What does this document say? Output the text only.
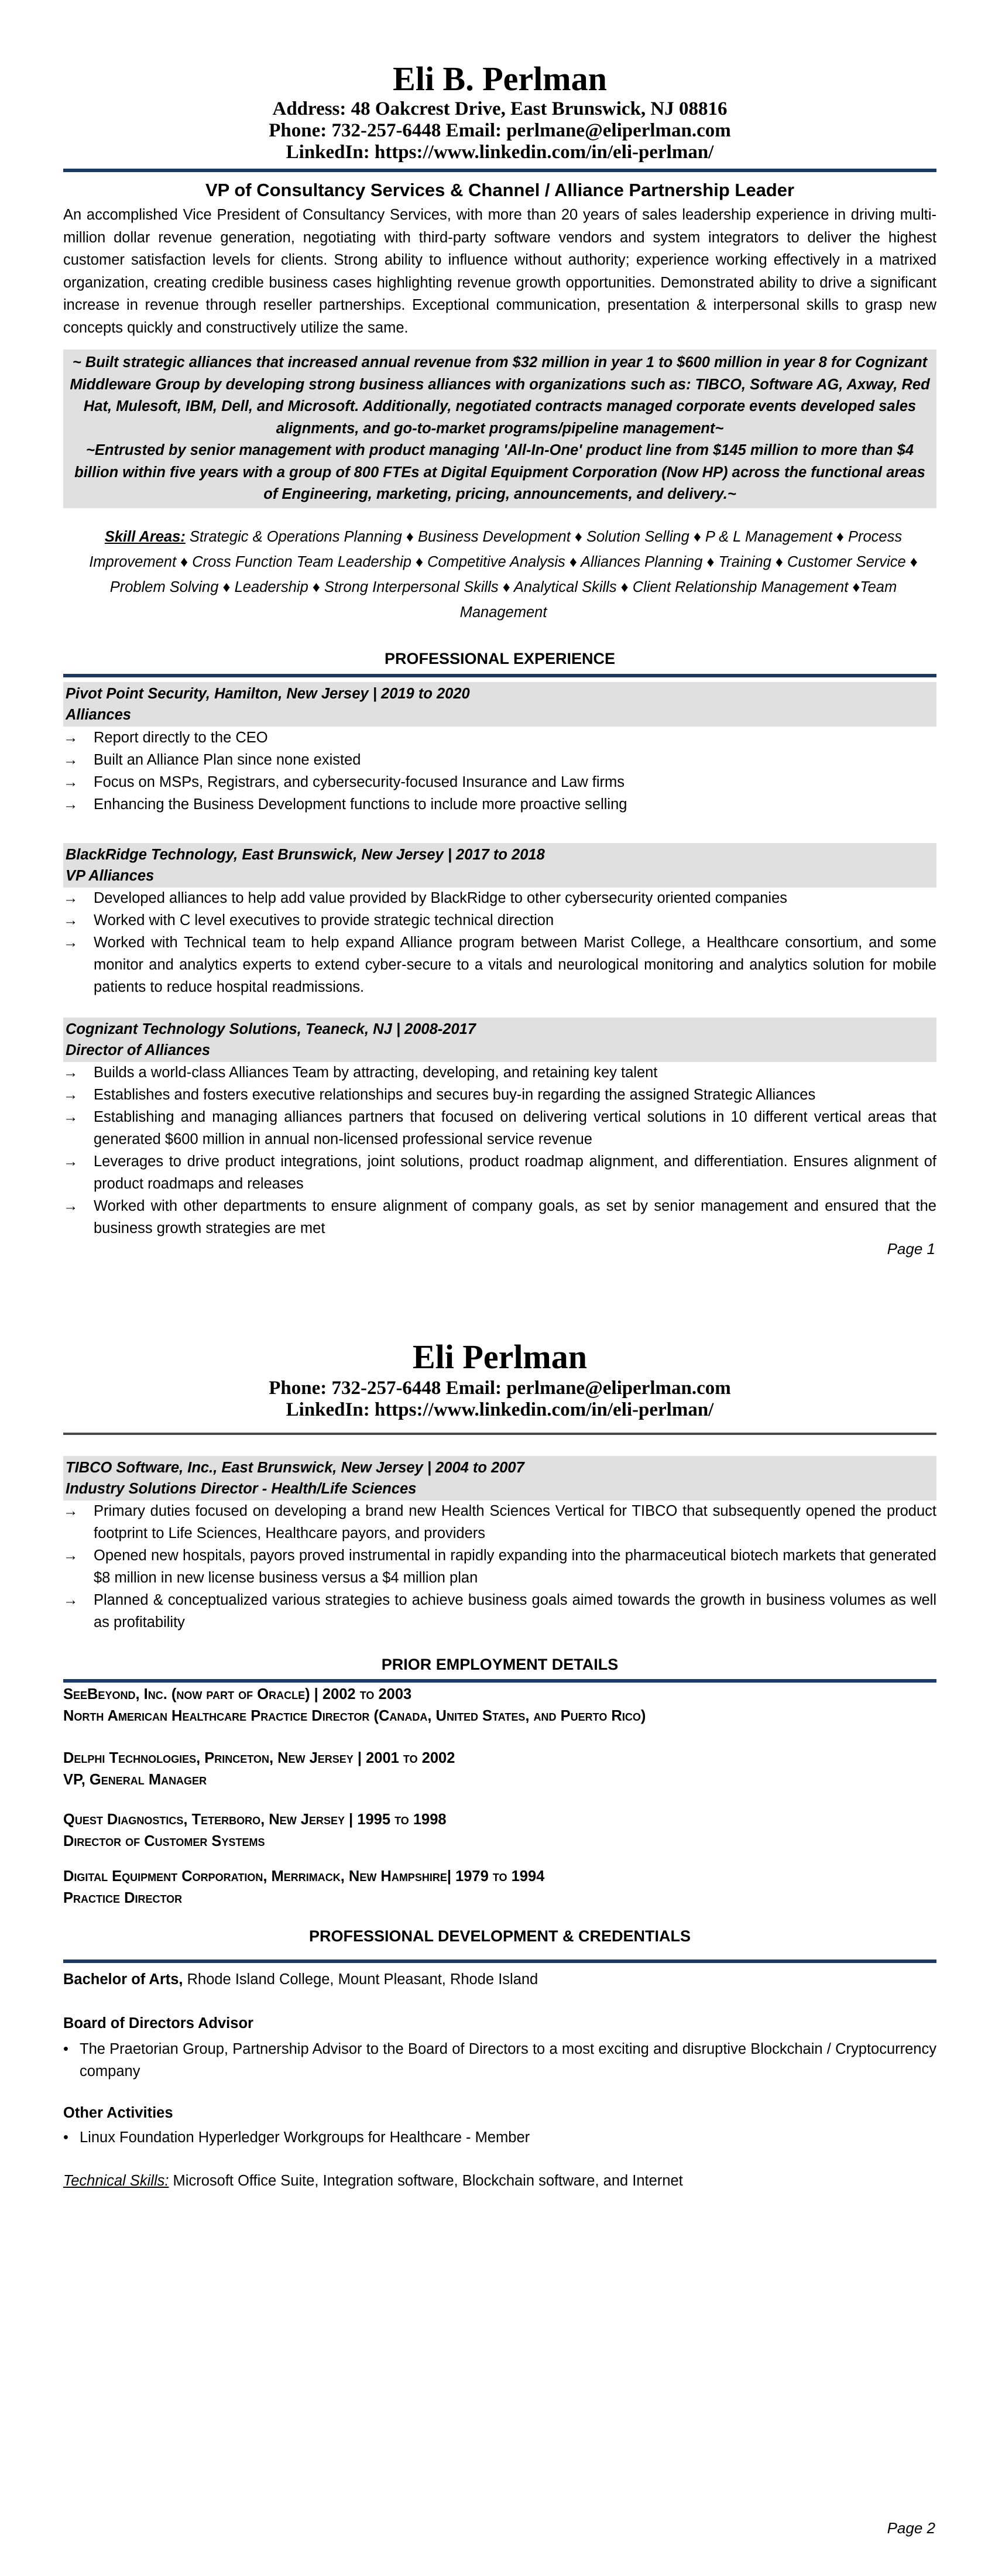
Eli B. Perlman
Address: 48 Oakcrest Drive, East Brunswick, NJ 08816
Phone: 732-257-6448 Email: perlmane@eliperlman.com
LinkedIn: https://www.linkedin.com/in/eli-perlman/
VP of Consultancy Services & Channel / Alliance Partnership Leader
An accomplished Vice President of Consultancy Services, with more than 20 years of sales leadership experience in driving multi-million dollar revenue generation, negotiating with third-party software vendors and system integrators to deliver the highest customer satisfaction levels for clients. Strong ability to influence without authority; experience working effectively in a matrixed organization, creating credible business cases highlighting revenue growth opportunities. Demonstrated ability to drive a significant increase in revenue through reseller partnerships. Exceptional communication, presentation & interpersonal skills to grasp new concepts quickly and constructively utilize the same.
~ Built strategic alliances that increased annual revenue from $32 million in year 1 to $600 million in year 8 for Cognizant Middleware Group by developing strong business alliances with organizations such as: TIBCO, Software AG, Axway, Red Hat, Mulesoft, IBM, Dell, and Microsoft. Additionally, negotiated contracts managed corporate events developed sales alignments, and go-to-market programs/pipeline management~
~Entrusted by senior management with product managing 'All-In-One' product line from $145 million to more than $4 billion within five years with a group of 800 FTEs at Digital Equipment Corporation (Now HP) across the functional areas of Engineering, marketing, pricing, announcements, and delivery.~
Skill Areas: Strategic & Operations Planning ♦ Business Development ♦ Solution Selling ♦ P & L Management ♦ Process Improvement ♦ Cross Function Team Leadership ♦ Competitive Analysis ♦ Alliances Planning ♦ Training ♦ Customer Service ♦ Problem Solving ♦ Leadership ♦ Strong Interpersonal Skills ♦ Analytical Skills ♦ Client Relationship Management ♦Team Management
PROFESSIONAL EXPERIENCE
Pivot Point Security, Hamilton, New Jersey | 2019 to 2020
Alliances
→	Report directly to the CEO
→	Built an Alliance Plan since none existed
→	Focus on MSPs, Registrars, and cybersecurity-focused Insurance and Law firms
→	Enhancing the Business Development functions to include more proactive selling
BlackRidge Technology, East Brunswick, New Jersey | 2017 to 2018
VP Alliances
→	Developed alliances to help add value provided by BlackRidge to other cybersecurity oriented companies
→	Worked with C level executives to provide strategic technical direction
→	Worked with Technical team to help expand Alliance program between Marist College, a Healthcare consortium, and some monitor and analytics experts to extend cyber-secure to a vitals and neurological monitoring and analytics solution for mobile patients to reduce hospital readmissions.
Cognizant Technology Solutions, Teaneck, NJ | 2008-2017
Director of Alliances
→	Builds a world-class Alliances Team by attracting, developing, and retaining key talent
→	Establishes and fosters executive relationships and secures buy-in regarding the assigned Strategic Alliances
→	Establishing and managing alliances partners that focused on delivering vertical solutions in 10 different vertical areas that generated $600 million in annual non-licensed professional service revenue
→	Leverages to drive product integrations, joint solutions, product roadmap alignment, and differentiation. Ensures alignment of product roadmaps and releases
→	Worked with other departments to ensure alignment of company goals, as set by senior management and ensured that the business growth strategies are met
Page 1
Eli Perlman
Phone: 732-257-6448 Email: perlmane@eliperlman.com
LinkedIn: https://www.linkedin.com/in/eli-perlman/
TIBCO Software, Inc., East Brunswick, New Jersey | 2004 to 2007
Industry Solutions Director - Health/Life Sciences
→	Primary duties focused on developing a brand new Health Sciences Vertical for TIBCO that subsequently opened the product footprint to Life Sciences, Healthcare payors, and providers
→	Opened new hospitals, payors proved instrumental in rapidly expanding into the pharmaceutical biotech markets that generated $8 million in new license business versus a $4 million plan
→	Planned & conceptualized various strategies to achieve business goals aimed towards the growth in business volumes as well as profitability
PRIOR EMPLOYMENT DETAILS
SeeBeyond, Inc. (now part of Oracle) | 2002 to 2003
North American Healthcare Practice Director (Canada, United States, and Puerto Rico)
Delphi Technologies, Princeton, New Jersey | 2001 to 2002
VP, General Manager
Quest Diagnostics, Teterboro, New Jersey | 1995 to 1998
Director of Customer Systems
Digital Equipment Corporation, Merrimack, New Hampshire| 1979 to 1994
Practice Director
PROFESSIONAL DEVELOPMENT & CREDENTIALS
Bachelor of Arts, Rhode Island College, Mount Pleasant, Rhode Island
Board of Directors Advisor
• The Praetorian Group, Partnership Advisor to the Board of Directors to a most exciting and disruptive Blockchain / Cryptocurrency company
Other Activities
• Linux Foundation Hyperledger Workgroups for Healthcare - Member
Technical Skills: Microsoft Office Suite, Integration software, Blockchain software, and Internet
Page 2
